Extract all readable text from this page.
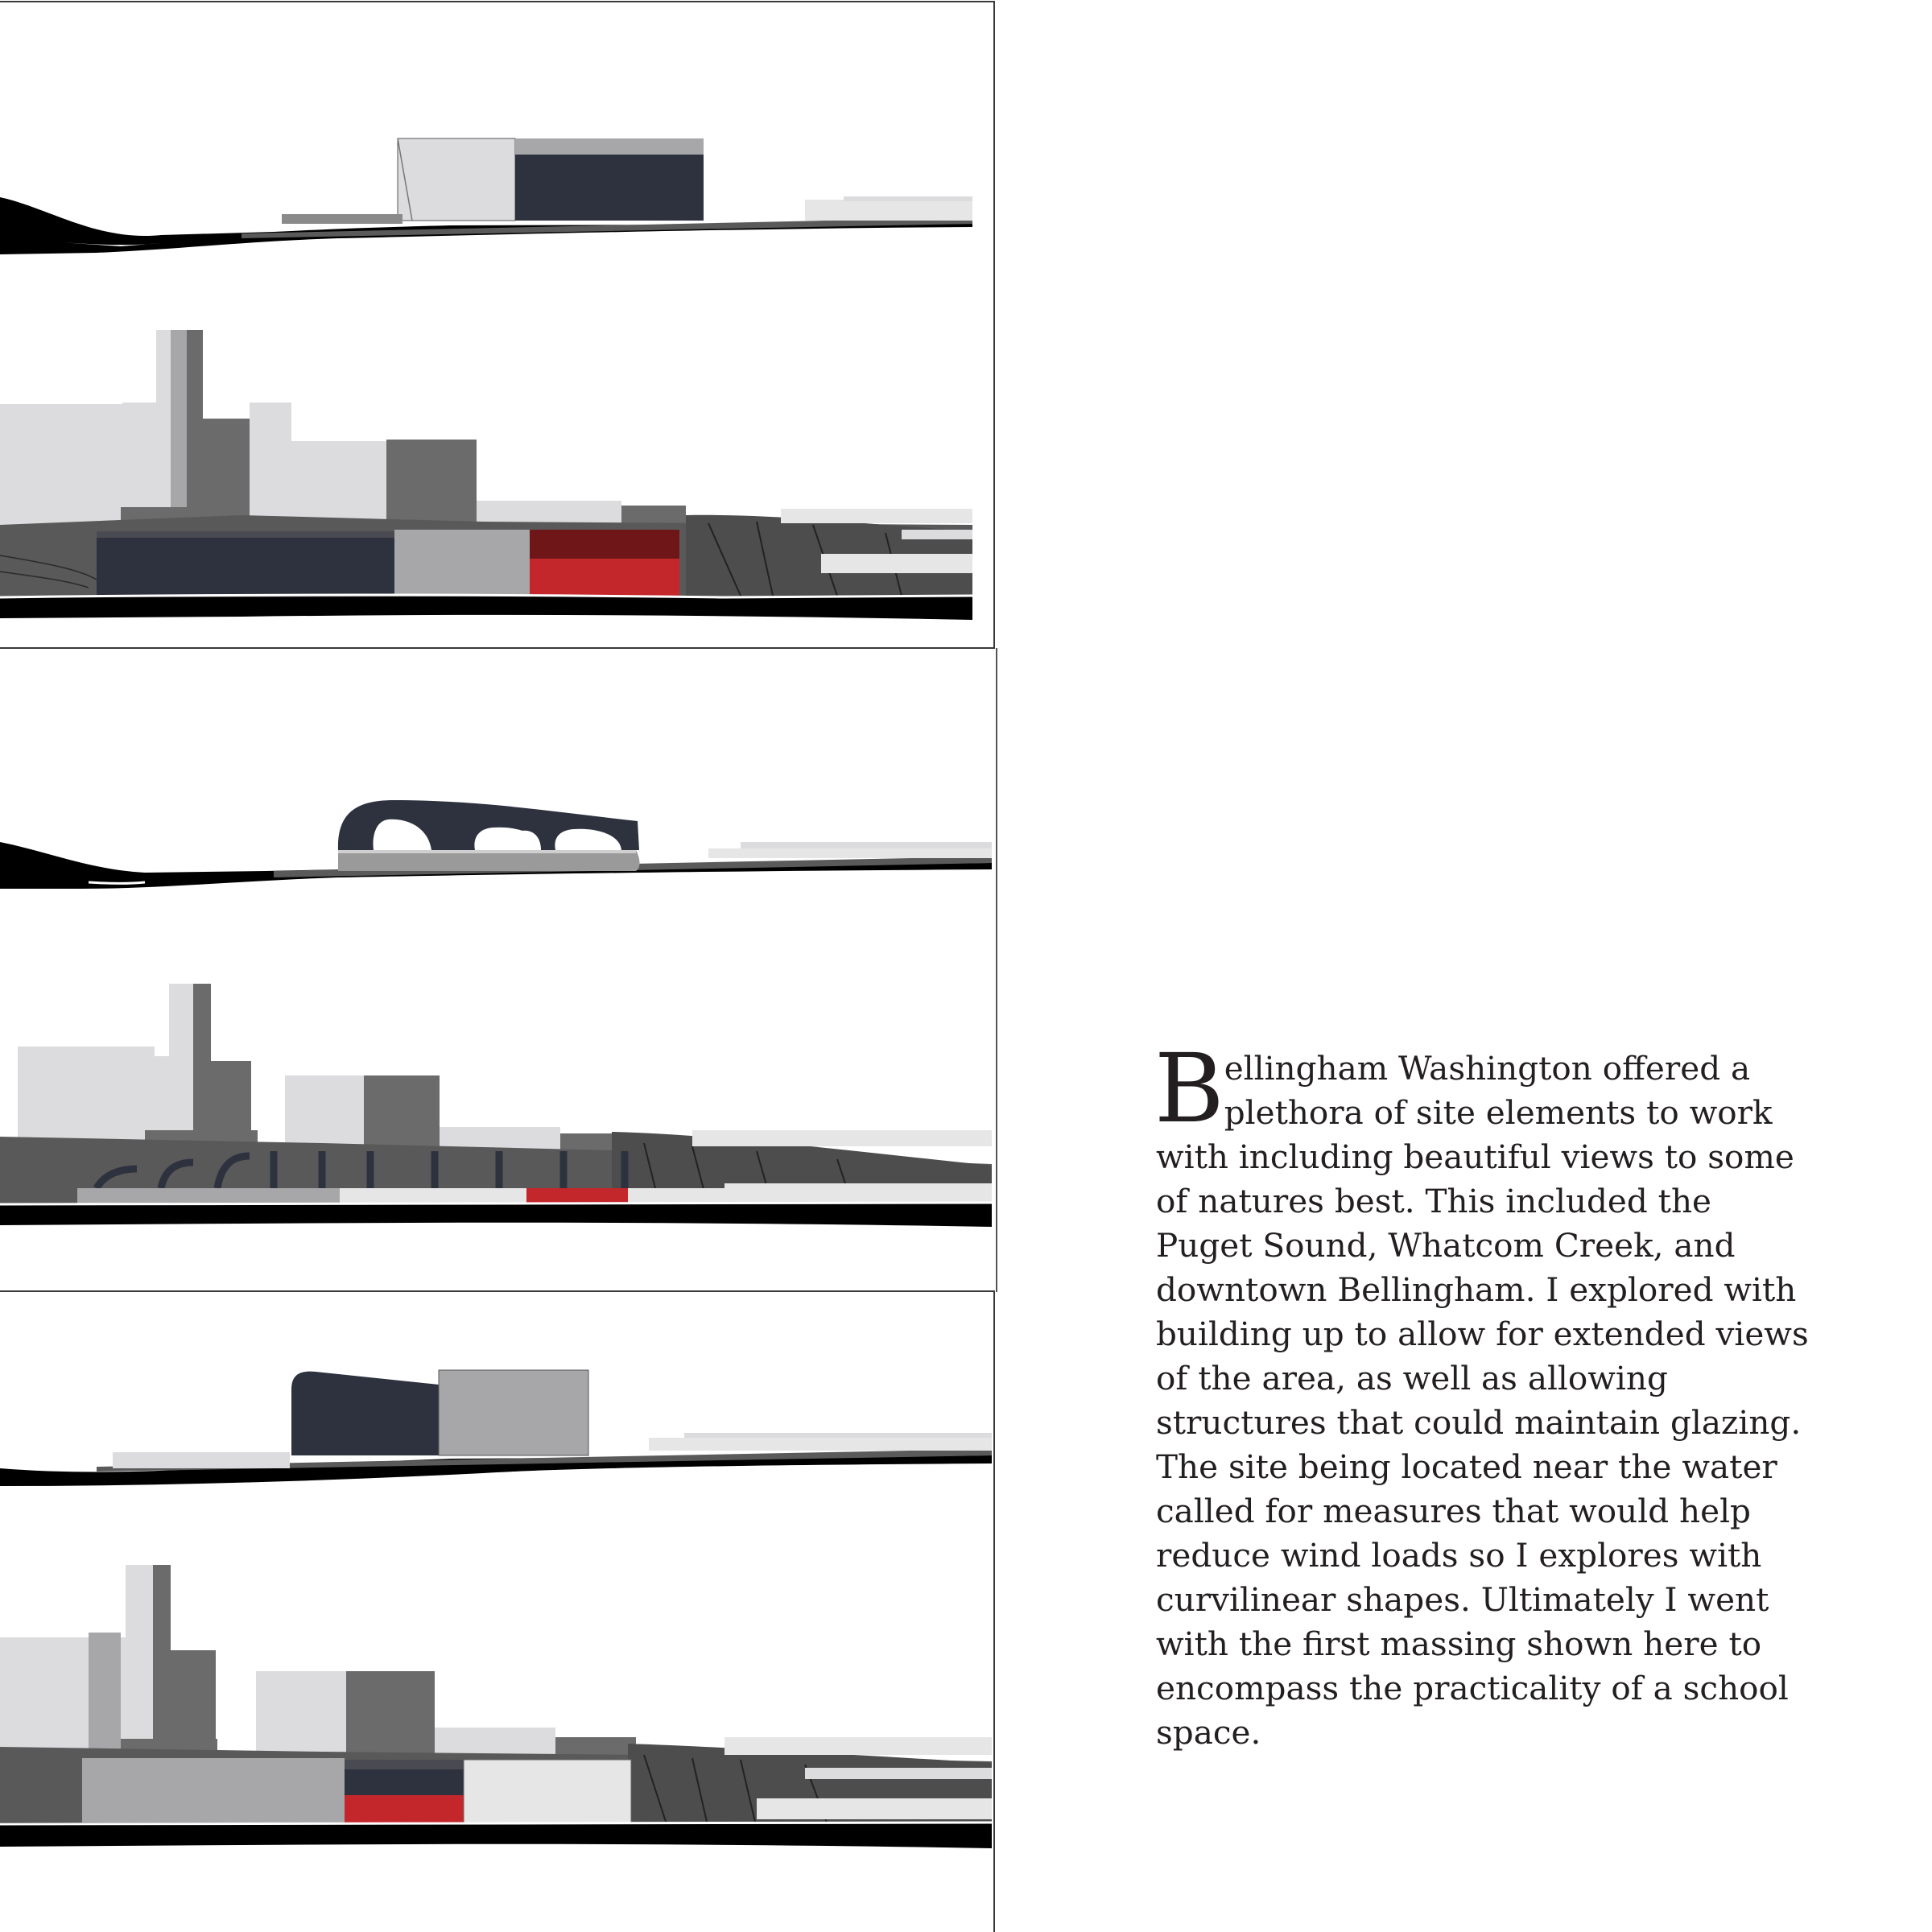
Bellingham Washington offered a plethora of site elements to work with including beautiful views to some of natures best. This included the Puget Sound, Whatcom Creek, and downtown Bellingham. I explored with building up to allow for extended views of the area, as well as allowing structures that could maintain glazing. The site being located near the water called for measures that would help reduce wind loads so I explores with curvilinear shapes. Ultimately I went with the first massing shown here to encompass the practicality of a school space.
